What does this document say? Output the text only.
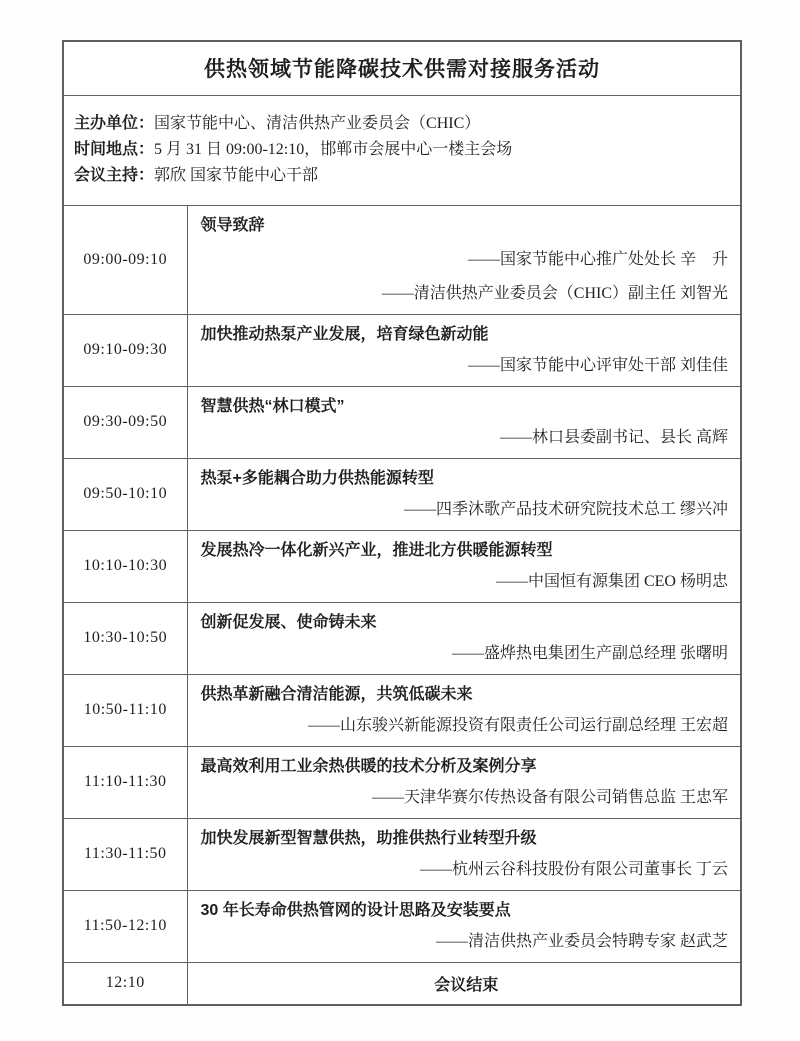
供热领域节能降碳技术供需对接服务活动	

主办单位：国家节能中心、清洁供热产业委员会（CHIC）
时间地点：5 月 31 日 09:00-12:10，邯郸市会展中心一楼主会场
会议主持：郭欣 国家节能中心干部	

09:00-09:10	领导致辞
——国家节能中心推广处处长 辛　升
——清洁供热产业委员会（CHIC）副主任 刘智光

09:10-09:30	加快推动热泵产业发展，培育绿色新动能
——国家节能中心评审处干部 刘佳佳

09:30-09:50	智慧供热“林口模式”
——林口县委副书记、县长 高辉

09:50-10:10	热泵+多能耦合助力供热能源转型
——四季沐歌产品技术研究院技术总工 缪兴冲

10:10-10:30	发展热冷一体化新兴产业，推进北方供暖能源转型
——中国恒有源集团 CEO 杨明忠

10:30-10:50	创新促发展、使命铸未来
——盛烨热电集团生产副总经理 张曙明

10:50-11:10	供热革新融合清洁能源，共筑低碳未来
——山东骏兴新能源投资有限责任公司运行副总经理 王宏超

11:10-11:30	最高效利用工业余热供暖的技术分析及案例分享
——天津华赛尔传热设备有限公司销售总监 王忠军

11:30-11:50	加快发展新型智慧供热，助推供热行业转型升级
——杭州云谷科技股份有限公司董事长 丁云

11:50-12:10	30 年长寿命供热管网的设计思路及安装要点
——清洁供热产业委员会特聘专家 赵武芝

12:10	会议结束
